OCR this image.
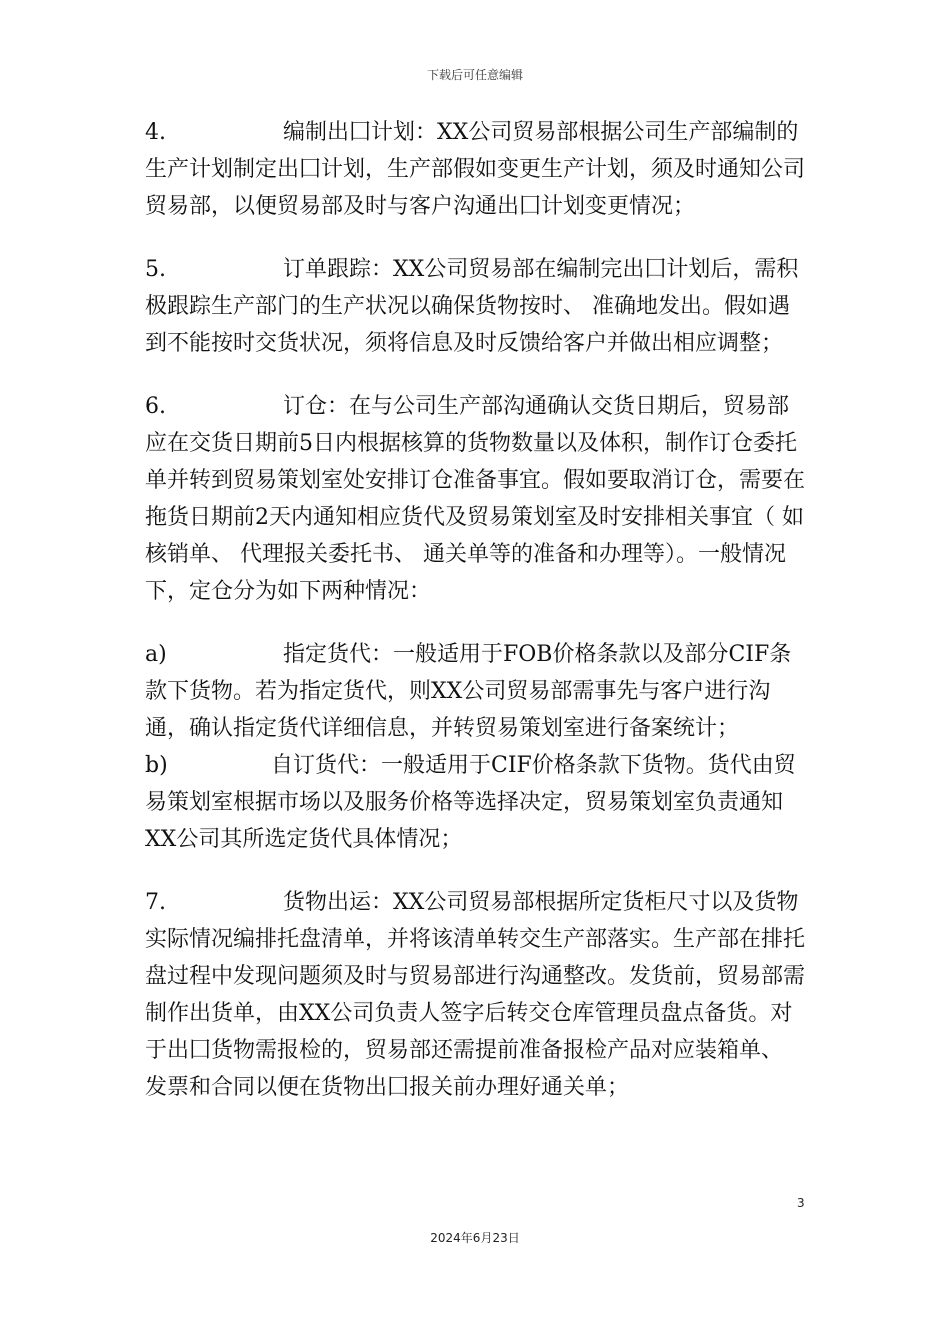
下载后可任意编辑

4.	编制出囗计划：XX公司贸易部根据公司生产部编制的生产计划制定出囗计划，生产部假如变更生产计划，须及时通知公司贸易部，以便贸易部及时与客户沟通出囗计划变更情况；

5.	订单跟踪：XX公司贸易部在编制完出囗计划后，需积极跟踪生产部门的生产状况以确保货物按时、 准确地发出。假如遇到不能按时交货状况，须将信息及时反馈给客户并做出相应调整；

6.	订仓：在与公司生产部沟通确认交货日期后，贸易部应在交货日期前5日内根据核算的货物数量以及体积，制作订仓委托单并转到贸易策划室处安排订仓准备事宜。假如要取消订仓，需要在拖货日期前2天内通知相应货代及贸易策划室及时安排相关事宜（ 如核销单、 代理报关委托书、 通关单等的准备和办理等）。一般情况下，定仓分为如下两种情况：

a)	指定货代：一般适用于FOB价格条款以及部分CIF条款下货物。若为指定货代，则XX公司贸易部需事先与客户进行沟通，确认指定货代详细信息，并转贸易策划室进行备案统计；

b)	自订货代：一般适用于CIF价格条款下货物。货代由贸易策划室根据市场以及服务价格等选择决定，贸易策划室负责通知XX公司其所选定货代具体情况；

7.	货物出运：XX公司贸易部根据所定货柜尺寸以及货物实际情况编排托盘清单，并将该清单转交生产部落实。生产部在排托盘过程中发现问题须及时与贸易部进行沟通整改。发货前，贸易部需制作出货单，由XX公司负责人签字后转交仓库管理员盘点备货。对于出囗货物需报检的，贸易部还需提前准备报检产品对应装箱单、 发票和合同以便在货物出囗报关前办理好通关单；

3
2024年6月23日
